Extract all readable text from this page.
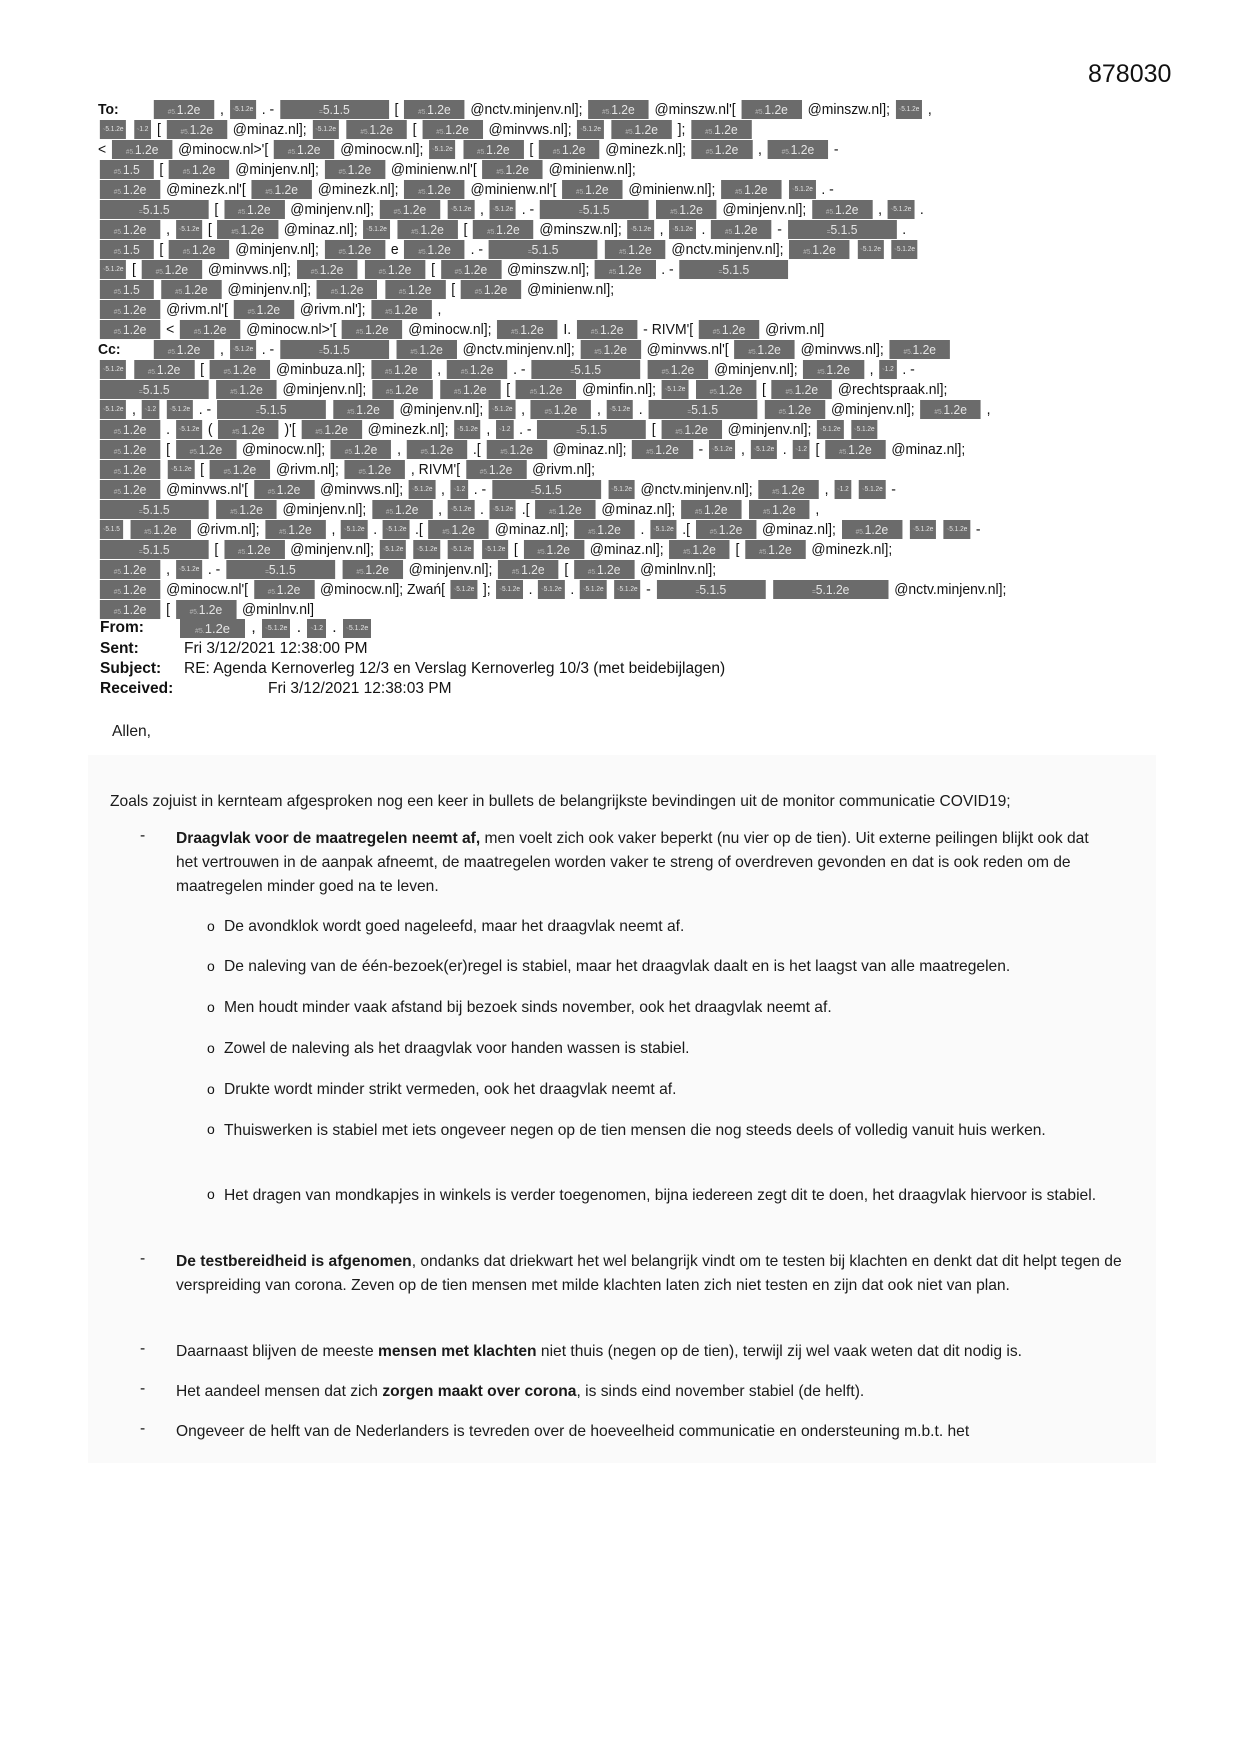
878030
To:	#5.1.2e , ~5.1.2e . -	=5.1.5	[ #5.1.2e @nctv.minjenv.nl]; #5.1.2e @minszw.nl'[ #5.1.2e @minszw.nl]; ~5.1.2e ,
~5.1.2e ~1.2 [ #5.1.2e @minaz.nl]; ~5.1.2e #5.1.2e [ #5.1.2e @minvws.nl]; ~5.1.2e #5.1.2e ]; #5.1.2e
< #5.1.2e @minocw.nl>'[ #5.1.2e @minocw.nl]; ~5.1.2e #5.1.2e [ #5.1.2e @minezk.nl]; #5.1.2e , #5.1.2e -
#5.1.5 [ #5.1.2e @minjenv.nl]; #5.1.2e @minienw.nl'[ #5.1.2e @minienw.nl];
#5.1.2e @minezk.nl'[ #5.1.2e @minezk.nl]; #5.1.2e @minienw.nl'[ #5.1.2e @minienw.nl]; #5.1.2e	~5.1.2e . -
=5.1.5	[ #5.1.2e @minjenv.nl]; #5.1.2e	~5.1.2e , ~5.1.2e . -	=5.1.5	#5.1.2e @minjenv.nl]; #5.1.2e , ~5.1.2e .
#5.1.2e , ~5.1.2e [ #5.1.2e @minaz.nl]; ~5.1.2e #5.1.2e [ #5.1.2e @minszw.nl]; ~5.1.2e , ~5.1.2e . #5.1.2e -	=5.1.5	.
#5.1.5 [ #5.1.2e @minjenv.nl]; #5.1.2e e #5.1.2e . -	=5.1.5	#5.1.2e @nctv.minjenv.nl]; #5.1.2e	~5.1.2e ~5.1.2e
~5.1.2e [ #5.1.2e @minvws.nl]; #5.1.2e	#5.1.2e [ #5.1.2e @minszw.nl]; #5.1.2e . -	=5.1.5
#5.1.5	#5.1.2e @minjenv.nl]; #5.1.2e	#5.1.2e [ #5.1.2e @minienw.nl];
#5.1.2e @rivm.nl'[ #5.1.2e @rivm.nl']; #5.1.2e ,
#5.1.2e < #5.1.2e @minocw.nl>'[ #5.1.2e @minocw.nl]; #5.1.2e I. #5.1.2e - RIVM'[ #5.1.2e @rivm.nl]
Cc:	#5.1.2e , ~5.1.2e . -	=5.1.5	#5.1.2e @nctv.minjenv.nl]; #5.1.2e @minvws.nl'[ #5.1.2e @minvws.nl]; #5.1.2e
~5.1.2e #5.1.2e [ #5.1.2e @minbuza.nl]; #5.1.2e , #5.1.2e . -	=5.1.5	#5.1.2e @minjenv.nl]; #5.1.2e , ~1.2 . -
=5.1.5	#5.1.2e @minjenv.nl]; #5.1.2e	#5.1.2e [ #5.1.2e @minfin.nl]; ~5.1.2e #5.1.2e [ #5.1.2e @rechtspraak.nl];
~5.1.2e , ~1.2 ~5.1.2e . -	=5.1.5	#5.1.2e @minjenv.nl]; ~5.1.2e , #5.1.2e , ~5.1.2e .	=5.1.5	#5.1.2e @minjenv.nl]; #5.1.2e ,
#5.1.2e . ~5.1.2e ( #5.1.2e )'[ #5.1.2e @minezk.nl]; ~5.1.2e , ~1.2 . -	=5.1.5	[ #5.1.2e @minjenv.nl]; ~5.1.2e ~5.1.2e
#5.1.2e [ #5.1.2e @minocw.nl]; #5.1.2e , #5.1.2e .[ #5.1.2e @minaz.nl]; #5.1.2e - ~5.1.2e , ~5.1.2e . ~1.2 [ #5.1.2e @minaz.nl];
#5.1.2e	~5.1.2e [ #5.1.2e @rivm.nl]; #5.1.2e , RIVM'[ #5.1.2e @rivm.nl];
#5.1.2e @minvws.nl'[ #5.1.2e @minvws.nl]; ~5.1.2e , ~1.2 . -	=5.1.5	~5.1.2e @nctv.minjenv.nl]; #5.1.2e , ~1.2 ~5.1.2e -
=5.1.5	#5.1.2e @minjenv.nl]; #5.1.2e , ~5.1.2e . ~5.1.2e .[ #5.1.2e @minaz.nl]; #5.1.2e	#5.1.2e ,
~5.1.5 #5.1.2e @rivm.nl]; #5.1.2e , ~5.1.2e . ~5.1.2e .[ #5.1.2e @minaz.nl]; #5.1.2e . ~5.1.2e .[ #5.1.2e @minaz.nl]; #5.1.2e	~5.1.2e ~5.1.2e -
=5.1.5	[ #5.1.2e @minjenv.nl]; ~5.1.2e ~5.1.2e ~5.1.2e ~5.1.2e [ #5.1.2e @minaz.nl]; #5.1.2e [ #5.1.2e @minezk.nl];
#5.1.2e , ~5.1.2e . -	=5.1.5	#5.1.2e @minjenv.nl]; #5.1.2e [ #5.1.2e @minlnv.nl];
#5.1.2e @minocw.nl'[ #5.1.2e @minocw.nl]; Zwań[ ~5.1.2e ]; ~5.1.2e . ~5.1.2e . ~5.1.2e ~5.1.2e -	=5.1.5	=5.1.2e	@nctv.minjenv.nl];
#5.1.2e [ #5.1.2e @minlnv.nl]
From:	#5.1.2e , ~5.1.2e . ~1.2 . ~5.1.2e
Sent:	Fri 3/12/2021 12:38:00 PM
Subject: RE: Agenda Kernoverleg 12/3 en Verslag Kernoverleg 10/3 (met beidebijlagen)
Received:	Fri 3/12/2021 12:38:03 PM
Allen,
Zoals zojuist in kernteam afgesproken nog een keer in bullets de belangrijkste bevindingen uit de monitor communicatie COVID19;
- Draagvlak voor de maatregelen neemt af, men voelt zich ook vaker beperkt (nu vier op de tien). Uit externe peilingen blijkt ook dat het vertrouwen in de aanpak afneemt, de maatregelen worden vaker te streng of overdreven gevonden en dat is ook reden om de maatregelen minder goed na te leven.
o De avondklok wordt goed nageleefd, maar het draagvlak neemt af.
o De naleving van de één-bezoek(er)regel is stabiel, maar het draagvlak daalt en is het laagst van alle maatregelen.
o Men houdt minder vaak afstand bij bezoek sinds november, ook het draagvlak neemt af.
o Zowel de naleving als het draagvlak voor handen wassen is stabiel.
o Drukte wordt minder strikt vermeden, ook het draagvlak neemt af.
o Thuiswerken is stabiel met iets ongeveer negen op de tien mensen die nog steeds deels of volledig vanuit huis werken.
o Het dragen van mondkapjes in winkels is verder toegenomen, bijna iedereen zegt dit te doen, het draagvlak hiervoor is stabiel.
- De testbereidheid is afgenomen, ondanks dat driekwart het wel belangrijk vindt om te testen bij klachten en denkt dat dit helpt tegen de verspreiding van corona. Zeven op de tien mensen met milde klachten laten zich niet testen en zijn dat ook niet van plan.
- Daarnaast blijven de meeste mensen met klachten niet thuis (negen op de tien), terwijl zij wel vaak weten dat dit nodig is.
- Het aandeel mensen dat zich zorgen maakt over corona, is sinds eind november stabiel (de helft).
- Ongeveer de helft van de Nederlanders is tevreden over de hoeveelheid communicatie en ondersteuning m.b.t. het
